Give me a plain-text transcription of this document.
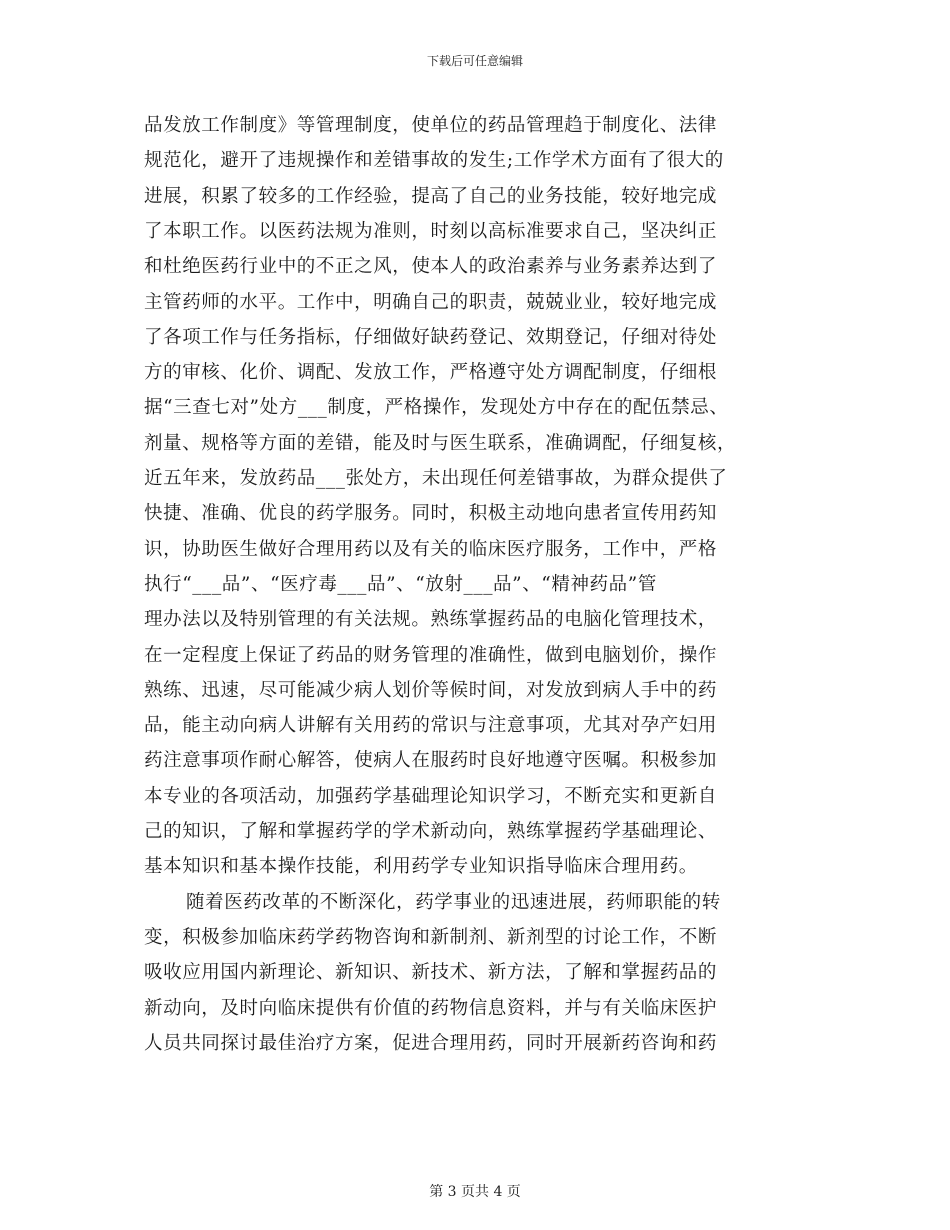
下载后可任意编辑
品发放工作制度》等管理制度，使单位的药品管理趋于制度化、法律
规范化，避开了违规操作和差错事故的发生;工作学术方面有了很大的
进展，积累了较多的工作经验，提高了自己的业务技能，较好地完成
了本职工作。以医药法规为准则，时刻以高标准要求自己，坚决纠正
和杜绝医药行业中的不正之风，使本人的政治素养与业务素养达到了
主管药师的水平。工作中，明确自己的职责，兢兢业业，较好地完成
了各项工作与任务指标，仔细做好缺药登记、效期登记，仔细对待处
方的审核、化价、调配、发放工作，严格遵守处方调配制度，仔细根
据“三查七对”处方___制度，严格操作，发现处方中存在的配伍禁忌、
剂量、规格等方面的差错，能及时与医生联系，准确调配，仔细复核，
近五年来，发放药品___张处方，未出现任何差错事故，为群众提供了
快捷、准确、优良的药学服务。同时，积极主动地向患者宣传用药知
识，协助医生做好合理用药以及有关的临床医疗服务，工作中，严格
执行“___品”、“医疗毒___品”、“放射___品”、“精神药品”管
理办法以及特别管理的有关法规。熟练掌握药品的电脑化管理技术，
在一定程度上保证了药品的财务管理的准确性，做到电脑划价，操作
熟练、迅速，尽可能减少病人划价等候时间，对发放到病人手中的药
品，能主动向病人讲解有关用药的常识与注意事项，尤其对孕产妇用
药注意事项作耐心解答，使病人在服药时良好地遵守医嘱。积极参加
本专业的各项活动，加强药学基础理论知识学习，不断充实和更新自
己的知识，了解和掌握药学的学术新动向，熟练掌握药学基础理论、
基本知识和基本操作技能，利用药学专业知识指导临床合理用药。
随着医药改革的不断深化，药学事业的迅速进展，药师职能的转
变，积极参加临床药学药物咨询和新制剂、新剂型的讨论工作，不断
吸收应用国内新理论、新知识、新技术、新方法，了解和掌握药品的
新动向，及时向临床提供有价值的药物信息资料，并与有关临床医护
人员共同探讨最佳治疗方案，促进合理用药，同时开展新药咨询和药
第 3 页共 4 页
